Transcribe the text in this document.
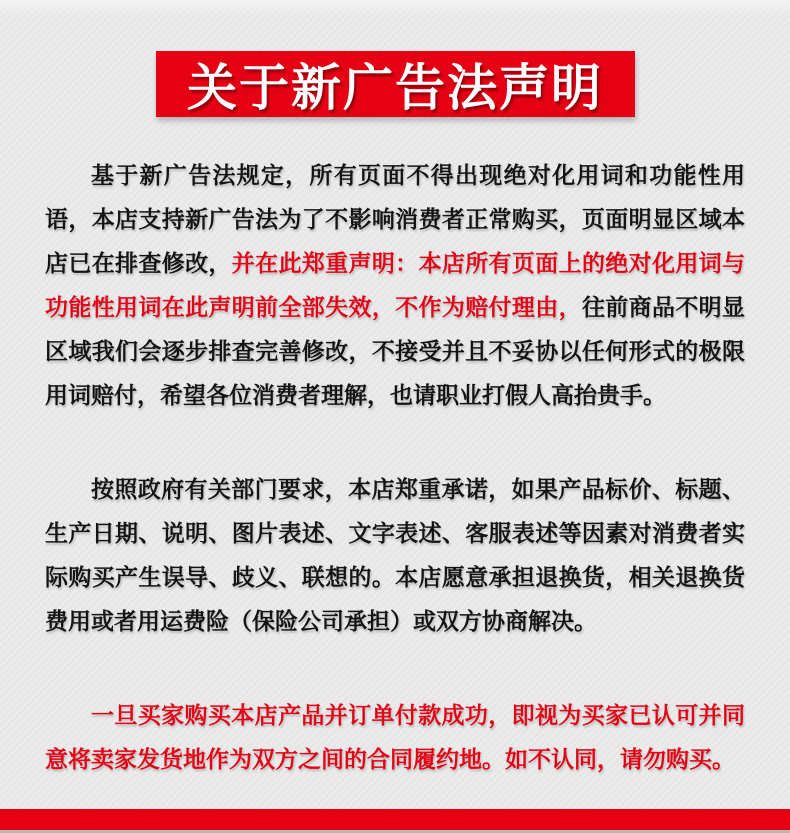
关于新广告法声明

基于新广告法规定，所有页面不得出现绝对化用词和功能性用语，本店支持新广告法为了不影响消费者正常购买，页面明显区域本店已在排查修改，并在此郑重声明：本店所有页面上的绝对化用词与功能性用词在此声明前全部失效，不作为赔付理由，往前商品不明显区域我们会逐步排查完善修改，不接受并且不妥协以任何形式的极限用词赔付，希望各位消费者理解，也请职业打假人高抬贵手。

按照政府有关部门要求，本店郑重承诺，如果产品标价、标题、生产日期、说明、图片表述、文字表述、客服表述等因素对消费者实际购买产生误导、歧义、联想的。本店愿意承担退换货，相关退换货费用或者用运费险（保险公司承担）或双方协商解决。

一旦买家购买本店产品并订单付款成功，即视为买家已认可并同意将卖家发货地作为双方之间的合同履约地。如不认同，请勿购买。
